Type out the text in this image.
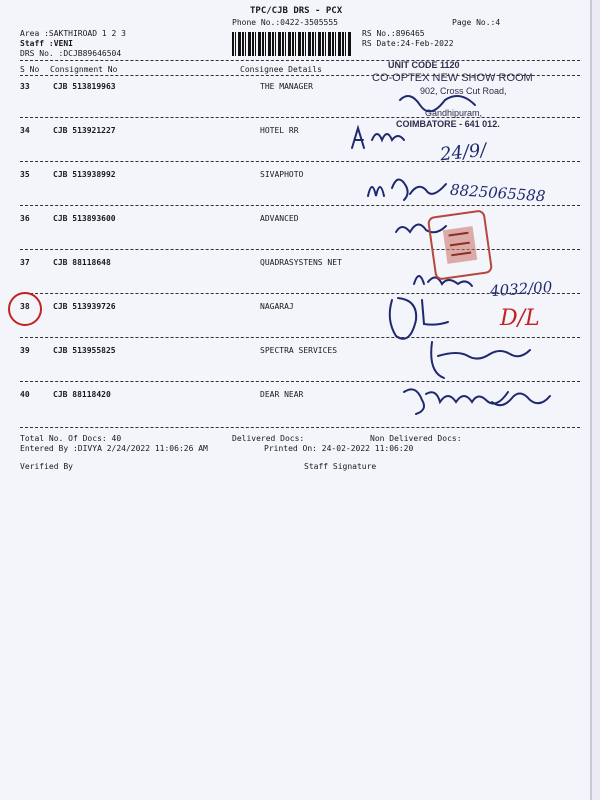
TPC/CJB DRS - PCX
Phone No.:0422-3505555	Page No.:4
Area :SAKTHIROAD 1 2 3
Staff :VENI
DRS No. :DCJB89646504
RS No.:896465
RS Date:24-Feb-2022
S No Consignment No	Consignee Details
33	CJB 513819963	THE MANAGER
34	CJB 513921227	HOTEL RR
35	CJB 513938992	SIVAPHOTO
36	CJB 513893600	ADVANCED
37	CJB 88118648	QUADRASYSTENS NET
38	CJB 513939726	NAGARAJ
39	CJB 513955825	SPECTRA SERVICES
40	CJB 88118420	DEAR NEAR
UNIT CODE 1120
CO-OPTEX NEW SHOW ROOM
902, Cross Cut Road,
Gandhipuram,
COIMBATORE - 641 012.
24/9/
8825065588
4032/00
D/L
Total No. Of Docs: 40	Delivered Docs:	Non Delivered Docs:
Entered By :DIVYA 2/24/2022 11:06:26 AM	Printed On: 24-02-2022 11:06:20
Verified By	Staff Signature
